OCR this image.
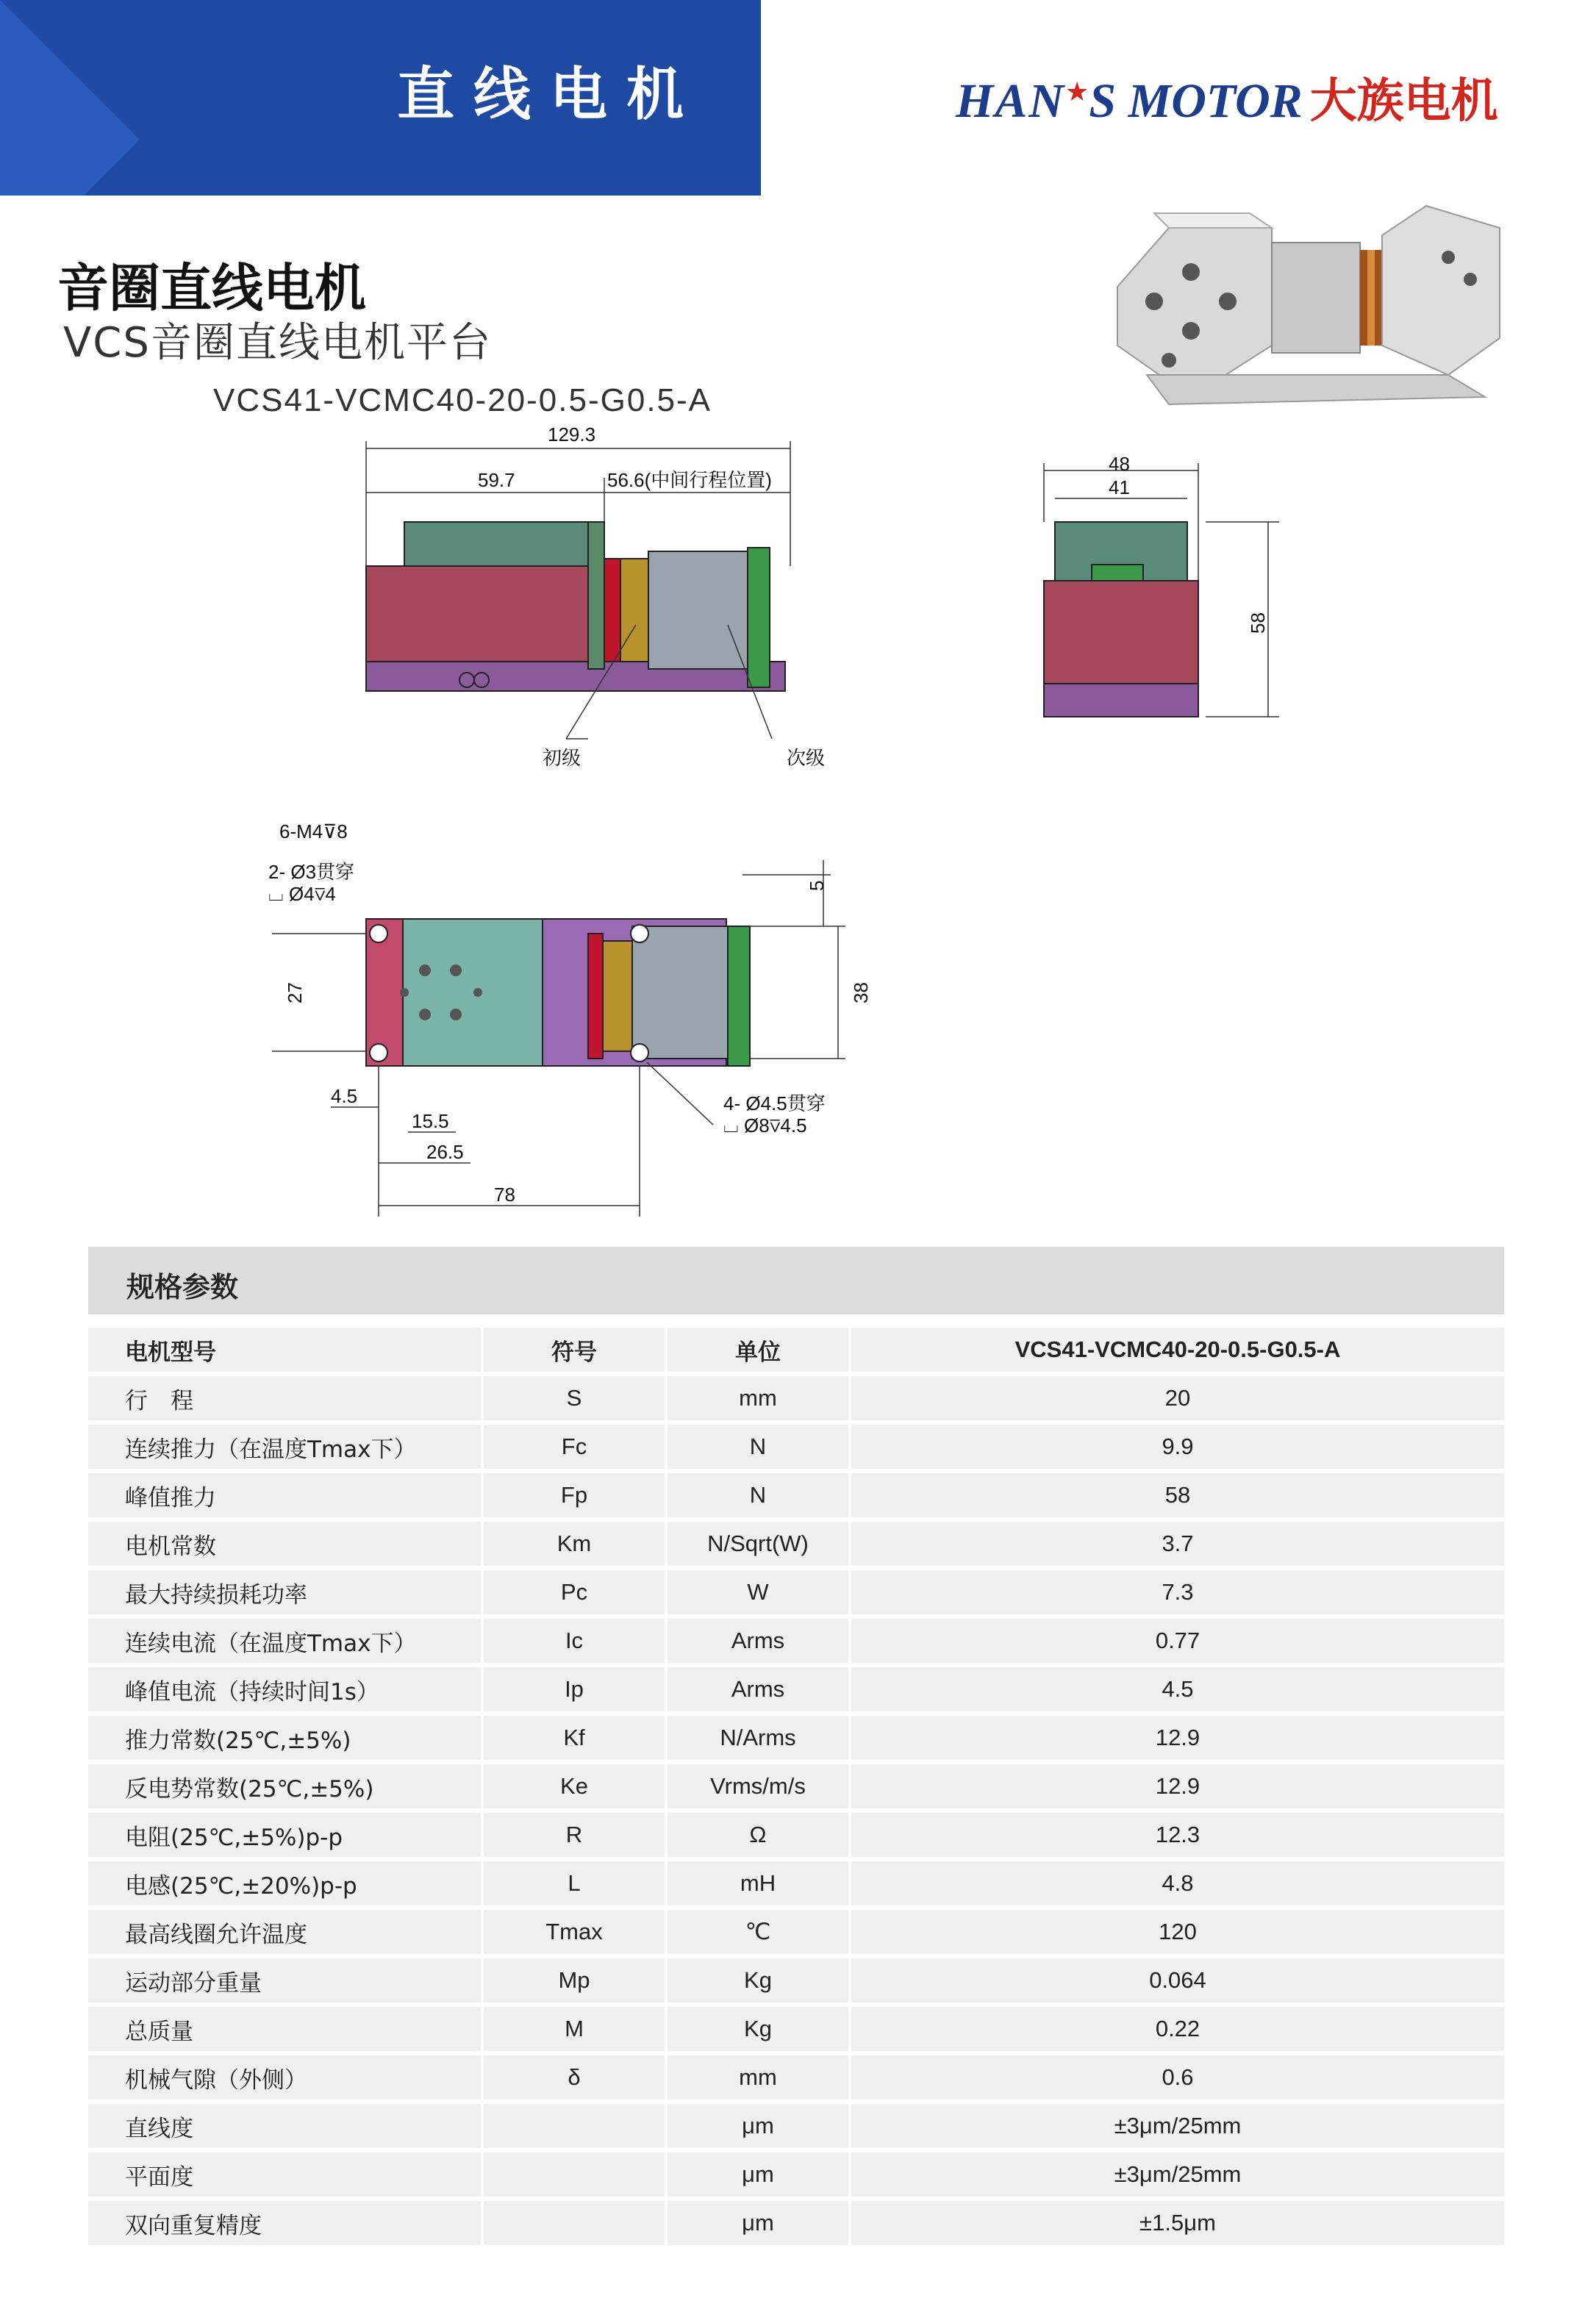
直线电机	HAN★S MOTOR 大族电机
音圈直线电机
VCS音圈直线电机平台
VCS41-VCMC40-20-0.5-G0.5-A
129.3
59.7	56.6(中间行程位置)
初级	次级
48
41
58
6-M4⊽8
2- Ø3贯穿
⌴ Ø4⊽4
27
5
38
4.5
15.5
26.5
78
4- Ø4.5贯穿
⌴ Ø8⊽4.5
规格参数
电机型号	符号	单位	VCS41-VCMC40-20-0.5-G0.5-A
行　程	S	mm	20
连续推力（在温度Tmax下）	Fc	N	9.9
峰值推力	Fp	N	58
电机常数	Km	N/Sqrt(W)	3.7
最大持续损耗功率	Pc	W	7.3
连续电流（在温度Tmax下）	Ic	Arms	0.77
峰值电流（持续时间1s）	Ip	Arms	4.5
推力常数(25℃,±5%)	Kf	N/Arms	12.9
反电势常数(25℃,±5%)	Ke	Vrms/m/s	12.9
电阻(25℃,±5%)p-p	R	Ω	12.3
电感(25℃,±20%)p-p	L	mH	4.8
最高线圈允许温度	Tmax	℃	120
运动部分重量	Mp	Kg	0.064
总质量	M	Kg	0.22
机械气隙（外侧）	δ	mm	0.6
直线度		μm	±3μm/25mm
平面度		μm	±3μm/25mm
双向重复精度		μm	±1.5μm
